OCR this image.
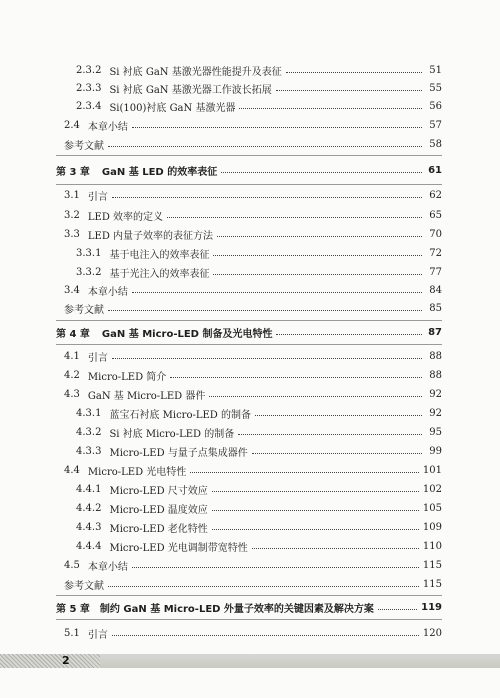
2.3.2 Si 衬底 GaN 基激光器性能提升及表征	51
2.3.3 Si 衬底 GaN 基激光器工作波长拓展	55
2.3.4 Si(100)衬底 GaN 基激光器	56
2.4 本章小结	57
参考文献	58
第 3 章 GaN 基 LED 的效率表征	61
3.1 引言	62
3.2 LED 效率的定义	65
3.3 LED 内量子效率的表征方法	70
3.3.1 基于电注入的效率表征	72
3.3.2 基于光注入的效率表征	77
3.4 本章小结	84
参考文献	85
第 4 章 GaN 基 Micro-LED 制备及光电特性	87
4.1 引言	88
4.2 Micro-LED 简介	88
4.3 GaN 基 Micro-LED 器件	92
4.3.1 蓝宝石衬底 Micro-LED 的制备	92
4.3.2 Si 衬底 Micro-LED 的制备	95
4.3.3 Micro-LED 与量子点集成器件	99
4.4 Micro-LED 光电特性	101
4.4.1 Micro-LED 尺寸效应	102
4.4.2 Micro-LED 温度效应	105
4.4.3 Micro-LED 老化特性	109
4.4.4 Micro-LED 光电调制带宽特性	110
4.5 本章小结	115
参考文献	115
第 5 章 制约 GaN 基 Micro-LED 外量子效率的关键因素及解决方案	119
5.1 引言	120
2
